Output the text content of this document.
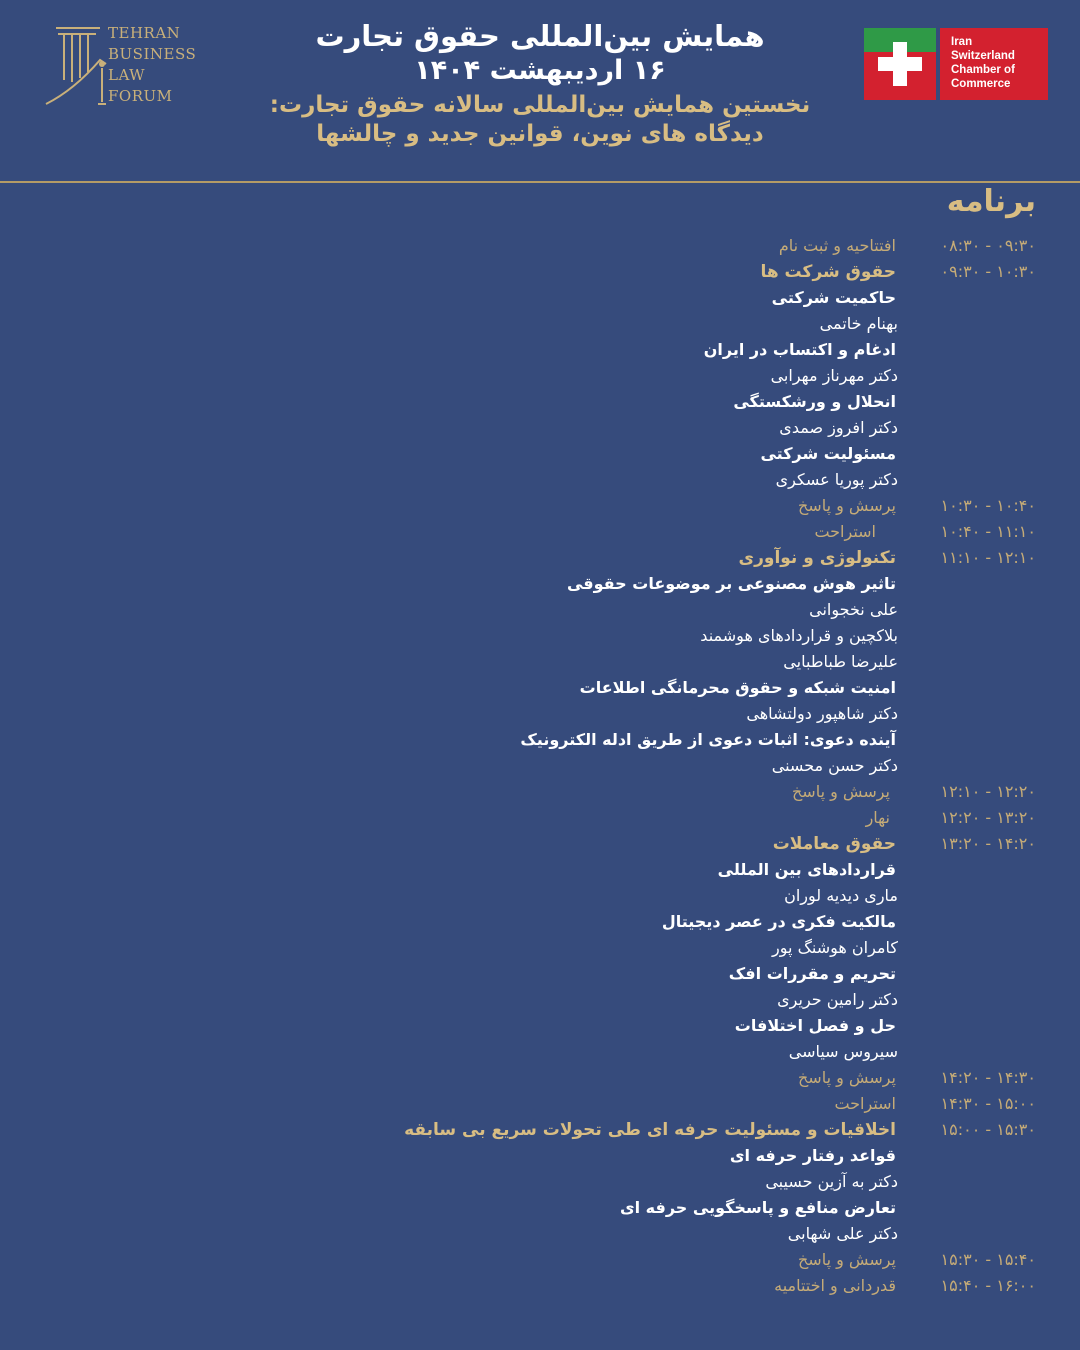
TEHRAN
BUSINESS
LAW
FORUM
همایش بین‌المللی حقوق تجارت
۱۶ اردیبهشت ۱۴۰۴
نخستین همایش بین‌المللی سالانه حقوق تجارت:
دیدگاه های نوین، قوانین جدید و چالشها
Iran
Switzerland
Chamber of
Commerce
برنامه
۰۸:۳۰ - ۰۹:۳۰
افتتاحیه و ثبت نام
۰۹:۳۰ - ۱۰:۳۰
حقوق شرکت ها
حاکمیت شرکتی
بهنام خاتمی
ادغام و اکتساب در ایران
دکتر مهرناز مهرابی
انحلال و ورشکستگی
دکتر افروز صمدی
مسئولیت شرکتی
دکتر پوریا عسکری
۱۰:۳۰ - ۱۰:۴۰
پرسش و پاسخ
۱۰:۴۰ - ۱۱:۱۰
استراحت
۱۱:۱۰ - ۱۲:۱۰
تکنولوژی و نوآوری
تاثیر هوش مصنوعی بر موضوعات حقوقی
علی نخجوانی
بلاکچین و قراردادهای هوشمند
علیرضا طباطبایی
امنیت شبکه و حقوق محرمانگی اطلاعات
دکتر شاهپور دولتشاهی
آینده دعوی: اثبات دعوی از طریق ادله الکترونیک
دکتر حسن محسنی
۱۲:۱۰ - ۱۲:۲۰
پرسش و پاسخ
۱۲:۲۰ - ۱۳:۲۰
نهار
۱۳:۲۰ - ۱۴:۲۰
حقوق معاملات
قراردادهای بین المللی
ماری دیدیه لوران
مالکیت فکری در عصر دیجیتال
کامران هوشنگ پور
تحریم و مقررات افک
دکتر رامین حریری
حل و فصل اختلافات
سیروس سیاسی
۱۴:۲۰ - ۱۴:۳۰
پرسش و پاسخ
۱۴:۳۰ - ۱۵:۰۰
استراحت
۱۵:۰۰ - ۱۵:۳۰
اخلاقیات و مسئولیت حرفه ای طی تحولات سریع بی سابقه
قواعد رفتار حرفه ای
دکتر به آزین حسیبی
تعارض منافع و پاسخگویی حرفه ای
دکتر علی شهابی
۱۵:۳۰ - ۱۵:۴۰
پرسش و پاسخ
۱۵:۴۰ - ۱۶:۰۰
قدردانی و اختتامیه
